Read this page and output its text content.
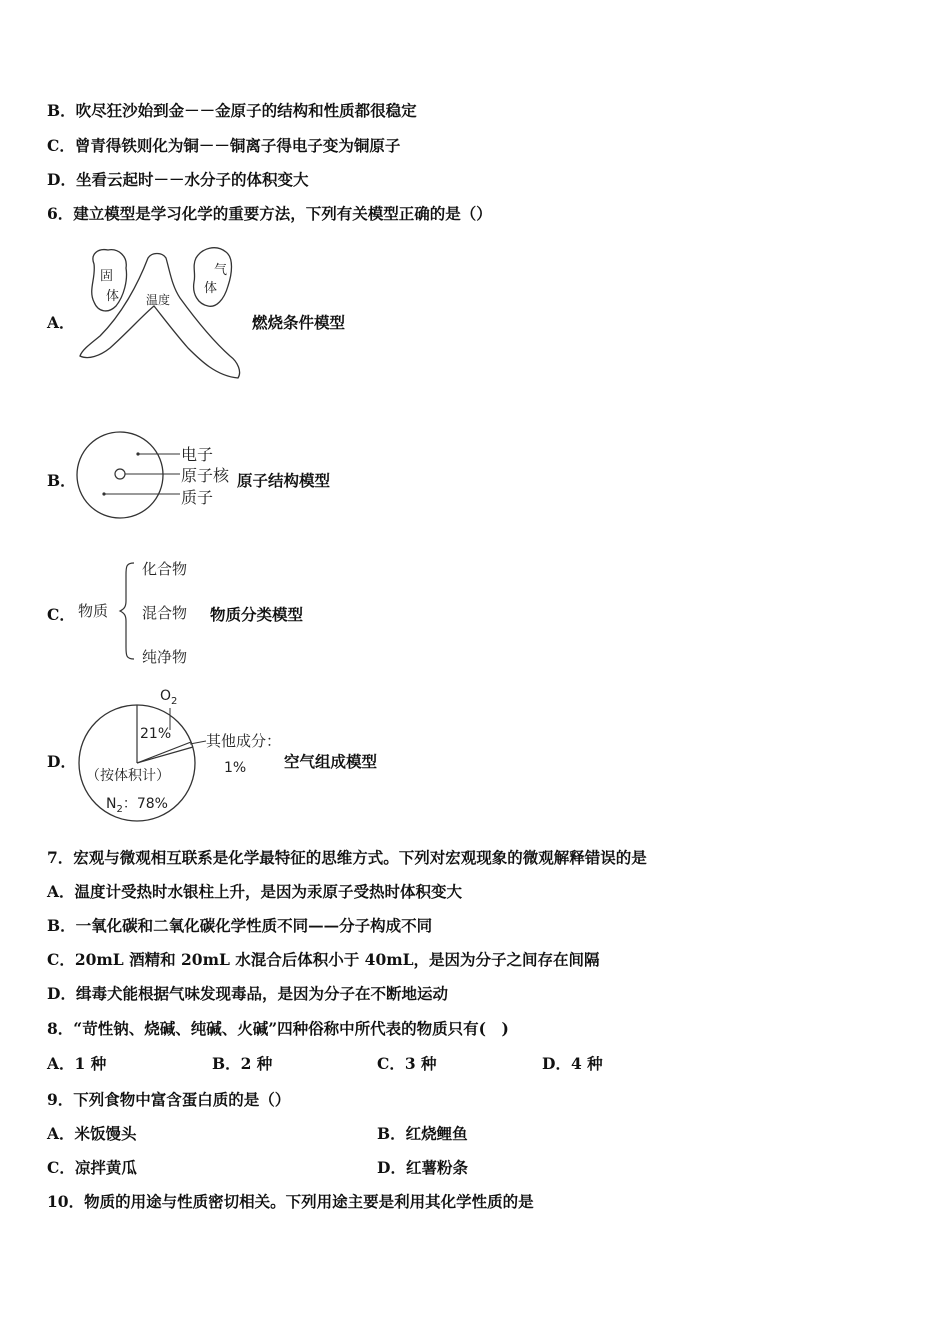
B．吹尽狂沙始到金－－金原子的结构和性质都很稳定
C．曾青得铁则化为铜－－铜离子得电子变为铜原子
D．坐看云起时－－水分子的体积变大
6．建立模型是学习化学的重要方法，下列有关模型正确的是（）
A．
固
体 温度
气
体
燃烧条件模型
B．
电子
原子核
质子
原子结构模型
C． 物质
化合物
混合物
纯净物
物质分类模型
D．
$O_2$
21% 其他成分：
1%
（按体积计）
$N_2$：78%
空气组成模型
7．宏观与微观相互联系是化学最特征的思维方式。下列对宏观现象的微观解释错误的是
A．温度计受热时水银柱上升，是因为汞原子受热时体积变大
B．一氧化碳和二氧化碳化学性质不同——分子构成不同
C．20mL 酒精和 20mL 水混合后体积小于 40mL，是因为分子之间存在间隔
D．缉毒犬能根据气味发现毒品，是因为分子在不断地运动
8．“苛性钠、烧碱、纯碱、火碱”四种俗称中所代表的物质只有(　)
A．1 种	B．2 种	C．3 种	D．4 种
9．下列食物中富含蛋白质的是（）
A．米饭馒头	B．红烧鲤鱼
C．凉拌黄瓜	D．红薯粉条
10．物质的用途与性质密切相关。下列用途主要是利用其化学性质的是
